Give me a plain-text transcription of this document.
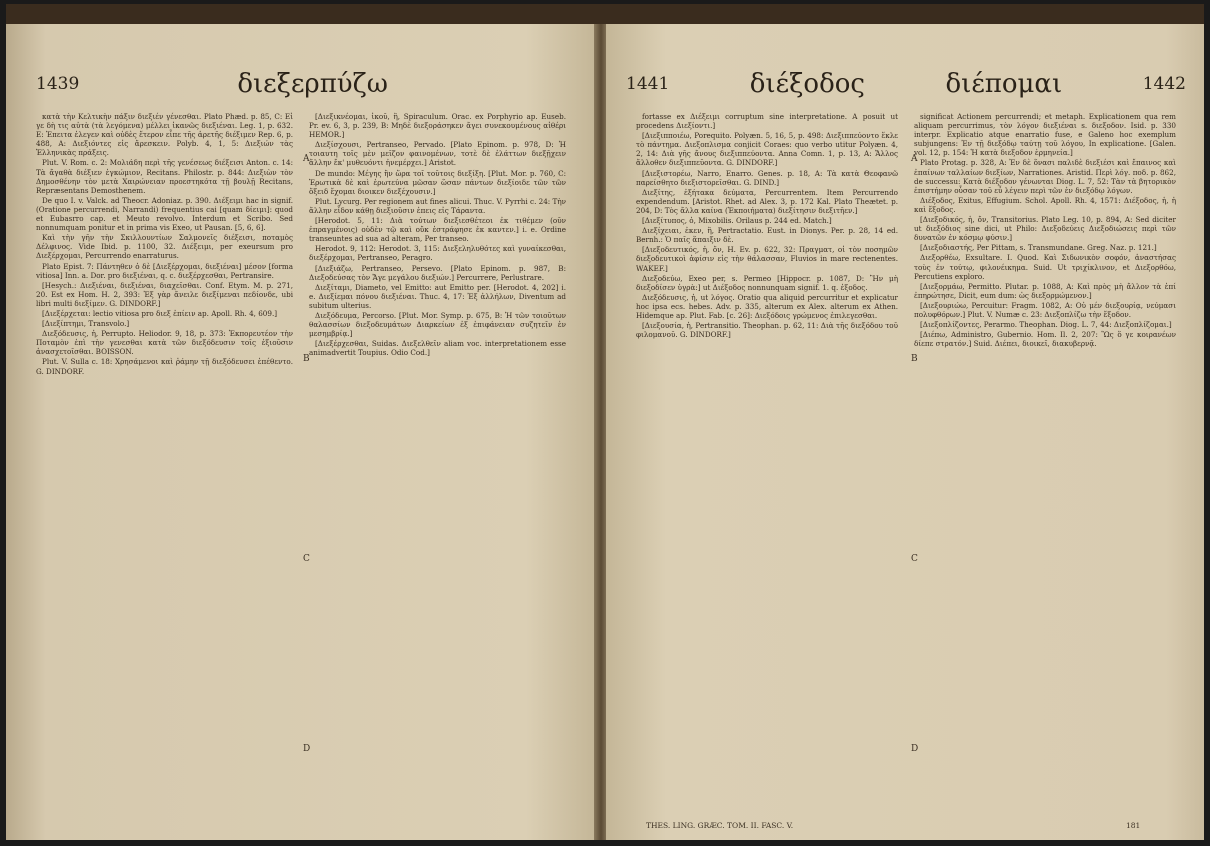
1439	διεξερπύζω

κατὰ τὴν Κελτικὴν πάξιν διεξιέν γένεσθαι. Plato Phæd. p. 85, C: Εἰ γε δὴ τις αὐτὰ (τὰ λεγόμενα) μέλλει ἱκανῶς διεξιέναι. Leg. 1, p. 632. E: Ἐπειτα ἐλεγεν καὶ οὐδὲς ἕτερον εἶπε τῆς ἀρετῆς διέξιμεν Rep. 6, p. 488, A: Διεξιόντες εἰς ἄρεσκειν. Polyb. 4, 1, 5: Διεξιών τὰς Ἑλληνικὰς πράξεις.

Plut. V. Rom. c. 2: Μολιάδη περὶ τῆς γενέσεως διέξεισι Anton. c. 14: Τὰ ἄγαθὰ διέξιεν ἐγκώμιον, Recitans. Philostr. p. 844: Διεξιὼν τὸν Δημοσθένην τὸν μετὰ Χαιρώνειαν προεστηκότα τῇ βουλῇ Recitans, Repræsentans Demosthenem.

De quo I. v. Valck. ad Theocr. Adoniaz. p. 390. Διέξειμι hac in signif. (Oratione percurrendi, Narrandi) frequentius cai [quam δίειμι]: quod et Eubasrro cap. et Meuto revolvo. Interdum et Scribo. Sed nonnumquam ponitur et in prima vis Exeo, ut Pausan. [5, 6, 6].

Καὶ τὴν γῆν τὴν Σκιλλουντίων Σαλμονεῖς διέξεισι, ποταμὸς Δέλφινος. Vide Ibid. p. 1100, 32. Διέξειμι, per exeursum pro Διεξέρχομαι, Percurrendo enarraturus.

Plato Epist. 7: Πάντηθεν ὁ δὲ [Διεξέρχομαι, διεξιέναι] μέσον [forma vitiosa] Inn. a. Dor. pro διεξιέναι, q. c. διεξέρχεσθαι, Pertransire.

[Hesych.: Διεξιέναι, διεξιέναι, διαχεῖσθαι. Conf. Etym. M. p. 271, 20. Est ex Hom. H. 2, 393: Ἐξ γὰρ ἄνειλε διεξίμεναι πεδίονδε, ubi libri multi διεξίμεν. G. DINDORF.]

[Διεξέρχεται: lectio vitiosa pro διεξ ἐπίειν ap. Apoll. Rh. 4, 609.]

[Διεξίπτημι, Transvolo.]

Διεξόδευσις, ἡ, Perrupto. Heliodor. 9, 18, p. 373: Ἐκπορευτέον τὴν Ποταμὸν ἐπὶ τὴν γενεσθαι κατὰ τῶν διεξόδευσιν τοῖς ἐξιοῦσιν ἀνασχετοῖσθαι. BOISSON.

Plut. V. Sulla c. 18: Χρησάμενοι καὶ ῥάμην τῇ διεξόδευσει ἐπέθεντο. G. DINDORF.

[Διεξικνέομαι, ἰκοῦ, ἢ, Spiraculum. Orac. ex Porphyrio ap. Euseb. Pr. ev. 6, 3, p. 239, B: Μηδὲ διεξοράσηκεν ἄγει συνεκουμένους αἰθέρι HEMOR.]

Διεξίσχουσι, Pertranseo, Pervado. [Plato Epinom. p. 978, D: Ἡ τοιαυτη τοῖς μὲν μεῖζον φαινομένων, τοτὲ δὲ ἐλάττων διεξῇχειν ἄλλην ἔκ' μυθευόντι ἠνεμέρχει.] Aristot.

De mundo: Μέγης ἢν ὥρα τοῖ τοῦτοις διεξίξη. [Plut. Mor. p. 760, C: Ἐρωτικὰ δὲ καὶ ἐρωτεύνα μῶσαν ὥσαν πάντων διεξίοιδε τῶν τῶν ὄξειδ ἔχομαι διοικεν διεξέχουσιν.]

Plut. Lycurg. Per regionem aut fines alicui. Thuc. V. Pyrrhi c. 24: Τὴν ἄλλην εἶδον κάθῃ διεξιοῦσιν ἐπεις εἰς Τάραντα.

[Herodot. 5, 11: Διὰ τούτων διεξιεσθέτεοι ἐκ τιθέμεν (οῦν ἐπραγμένοις) οὐδὲν τῷ καὶ οὔκ ἐστράφησε ἐκ καντεν.] i. e. Ordine transeuntes ad sua ad alteram, Per transeo.

Herodot. 9, 112: Herodot. 3, 115: Διεξεληλυθότες καὶ γυναίκεσθαι, διεξέρχομαι, Pertranseo, Peragro.

[Διεξιάζω, Pertranseo, Persevo. [Plato Epinom. p. 987, B: Διεξοδεύσας τὸν Ἄγε μεγάλου διεξιών.] Percurrere, Perlustrare.

Διεξίταμι, Diameto, vel Emitto: aut Emitto per. [Herodot. 4, 202] i. e. Διεξίεμαι πόνου διεξιέναι. Thuc. 4, 17: Ἐξ ἀλλήλων, Diventum ad subitum ulterius.

Διεξόδευμα, Percorso. [Plut. Mor. Symp. p. 675, B: Ἡ τῶν τοιοῦτων θαλασσίων διεξοδευμάτων Διαρκείων ἐξ ἐπιφάνειαν συζητεῖν ἐν μεσημβρίᾳ.]

[Διεξέρχεσθαι, Suidas. Διεξελθεῖν aliam voc. interpretationem esse animadvertit Toupius. Odio Cod.]

A
B
C
D
1441	διέξοδος	διέπομαι	1442

fortasse ex Διέξειμι corruptum sine interpretatione. A posuit ut procedens Διεξίοντι.]

[Διεξιπποιέω, Porequito. Polyæn. 5, 16, 5, p. 498: Διεξιππεύοντο ἕκλε τὸ πάντημα. Διεξοπλισμα conjicit Coraes: quo verbo utitur Polyæn. 4, 2, 14: Διὰ γῆς ἄνους διεξιππεύοντα. Anna Comn. 1, p. 13, A: Ἄλλος ἄλλοθεν διεξιππεῦοντα. G. DINDORF.]

[Διεξιστορέω, Narro, Enarro. Genes. p. 18, A: Τὰ κατὰ Θεοφανῶ παρείσθητο διεξιστορεῖσθαι. G. DIND.]

Διεξίτης, ἐξήτακα δεύματα, Percurrentem. Item Percurrendo expendendum. [Aristot. Rhet. ad Alex. 3, p. 172 Kal. Plato Theætet. p. 204, D: Τὸς ἄλλα καίνα (Ἐκποιήματα) διεξίτησιν διεξιτῆεν.]

[Διεξίτυπος, ὁ, Mixobilis. Orilaus p. 244 ed. Match.]

Διεξίχειαι, ἐκεν, ἢ, Pertractatio. Eust. in Dionys. Per. p. 28, 14 ed. Bernh.: Ὁ παῖς ἅπαιξιν δὲ.

[Διεξοδευτικός, ἡ, ὄν, H. Ev. p. 622, 32: Πραγματ, οἱ τὸν ποσημῶν διεξοδευτικοὶ ἀφίσιν εἰς τὴν θάλασσαν, Fluvios in mare rectenentes. WAKEF.]

Διεξοδεύω, Exeo per, s. Permeo [Hippocr. p. 1087, D: Ἣν μὴ διεξοδίσεν ὑγρὰ:] ut Διέξοδος nonnunquam signif. 1. q. ἐξοδος.

Διεξόδευσις, ἡ, ut λόγος. Oratio qua aliquid percurritur et explicatur hoc ipsa ecs. hebes. Adv. p. 335, alterum ex Alex. alterum ex Athen. Hidemque ap. Plut. Fab. [c. 26]: Διεξόδοις γρώμενος ἐπιλεγεσθαι.

[Διεξουσία, ἡ, Pertransitio. Theophan. p. 62, 11: Διὰ τῆς διεξόδου τοῦ φιλομανοῦ. G. DINDORF.]

significat Actionem percurrendi; et metaph. Explicationem qua rem aliquam percurrimus, τὸν λόγον διεξιέναι s. διεξοδον. Isid. p. 330 interpr. Explicatio atque enarratio fuse, e Galeno hoc exemplum subjungens: Ἐν τῇ διεξόδῳ ταύτῃ τοῦ λόγου, In explicatione. [Galen. vol. 12, p. 154: Ἡ κατὰ διεξοδον ἑρμηνεία.]

Plato Protag. p. 328, A: Ἐν δὲ ὅνασι παλιδὲ διεξιέσι καὶ ἔπαινος καὶ ἐπαίνων ταλλαίων διεξίων, Narrationes. Aristid. Περὶ λόγ. ποδ. p. 862, de successu: Κατὰ διέξοδον γένωνται Diog. L. 7, 52: Τὰν τὰ βητορικὸν ἐπιστήμην οὖσαν τοῦ εὖ λέγειν περὶ τῶν ἐν διεξόδῳ λόγων.

Διέξοδος, Exitus, Effugium. Schol. Apoll. Rh. 4, 1571: Διέξοδος, ἡ, ἡ καὶ ἔξοδος.

[Διεξοδικός, ἡ, ὄν, Transitorius. Plato Leg. 10, p. 894, A: Sed diciter ut διεξόδιος sine dici, ut Philo: Διεξοδεύεις Διεξοδιώσεις περὶ τῶν δυνατῶν ἐν κόσμῳ φύσιν.]

[Διεξοδιαστής, Per Pittam, s. Transmundane. Greg. Naz. p. 121.]

Διεξορθέω, Exsultare. I. Quod. Καὶ Σιδωνικὸν σοφόν, ἀναστήσας τοὺς ἐν τούτῳ, φιλονέικημα. Suid. Ut τριχίκλινον, et Διεξορθόω, Percutiens exploro.

[Διεξορμάω, Permitto. Plutar. p. 1088, A: Καὶ πρὸς μὴ ἄλλον τὰ ἐπί ἐπηρώτησε, Dicit, eum dum: ὡς διεξορμώμενον.]

[Διεξουριώω, Percuitur: Fragm. 1082, A: Οὐ μέν διεξουρίᾳ, νεύμασι πολυφθόρων.] Plut. V. Numæ c. 23: Διεξοπλίζω τὴν ἔξοδον.

[Διεξοπλίζοντες, Perarmo. Theophan. Diog. L. 7, 44: Διεξοπλίζομαι.]

[Διέπω, Administro, Gubernio. Hom. Il. 2, 207: Ὣς ὅ γε κοιρανέων δίεπε στρατόν.] Suid. Διέπει, διοικεῖ, διακυβερνᾷ.

A
B
C
D
THES. LING. GRÆC. TOM. II. FASC. V.	181
